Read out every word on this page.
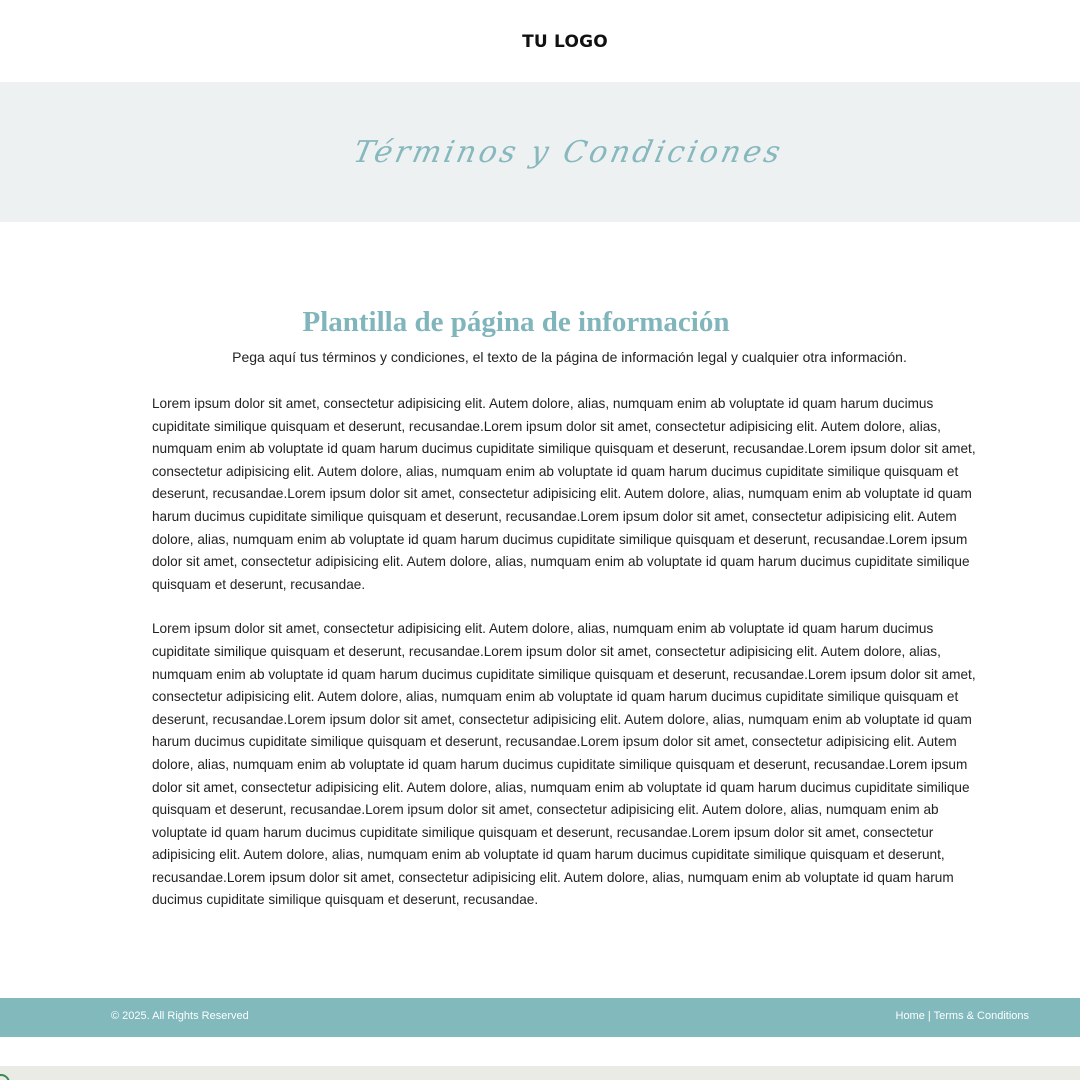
TU LOGO
Términos y Condiciones
Plantilla de página de información

Pega aquí tus términos y condiciones, el texto de la página de información legal y cualquier otra información.

Lorem ipsum dolor sit amet, consectetur adipisicing elit. Autem dolore, alias, numquam enim ab voluptate id quam harum ducimus cupiditate similique quisquam et deserunt, recusandae.Lorem ipsum dolor sit amet, consectetur adipisicing elit. Autem dolore, alias, numquam enim ab voluptate id quam harum ducimus cupiditate similique quisquam et deserunt, recusandae.Lorem ipsum dolor sit amet, consectetur adipisicing elit. Autem dolore, alias, numquam enim ab voluptate id quam harum ducimus cupiditate similique quisquam et deserunt, recusandae.Lorem ipsum dolor sit amet, consectetur adipisicing elit. Autem dolore, alias, numquam enim ab voluptate id quam harum ducimus cupiditate similique quisquam et deserunt, recusandae.Lorem ipsum dolor sit amet, consectetur adipisicing elit. Autem dolore, alias, numquam enim ab voluptate id quam harum ducimus cupiditate similique quisquam et deserunt, recusandae.Lorem ipsum dolor sit amet, consectetur adipisicing elit. Autem dolore, alias, numquam enim ab voluptate id quam harum ducimus cupiditate similique quisquam et deserunt, recusandae.

Lorem ipsum dolor sit amet, consectetur adipisicing elit. Autem dolore, alias, numquam enim ab voluptate id quam harum ducimus cupiditate similique quisquam et deserunt, recusandae.Lorem ipsum dolor sit amet, consectetur adipisicing elit. Autem dolore, alias, numquam enim ab voluptate id quam harum ducimus cupiditate similique quisquam et deserunt, recusandae.Lorem ipsum dolor sit amet, consectetur adipisicing elit. Autem dolore, alias, numquam enim ab voluptate id quam harum ducimus cupiditate similique quisquam et deserunt, recusandae.Lorem ipsum dolor sit amet, consectetur adipisicing elit. Autem dolore, alias, numquam enim ab voluptate id quam harum ducimus cupiditate similique quisquam et deserunt, recusandae.Lorem ipsum dolor sit amet, consectetur adipisicing elit. Autem dolore, alias, numquam enim ab voluptate id quam harum ducimus cupiditate similique quisquam et deserunt, recusandae.Lorem ipsum dolor sit amet, consectetur adipisicing elit. Autem dolore, alias, numquam enim ab voluptate id quam harum ducimus cupiditate similique quisquam et deserunt, recusandae.Lorem ipsum dolor sit amet, consectetur adipisicing elit. Autem dolore, alias, numquam enim ab voluptate id quam harum ducimus cupiditate similique quisquam et deserunt, recusandae.Lorem ipsum dolor sit amet, consectetur adipisicing elit. Autem dolore, alias, numquam enim ab voluptate id quam harum ducimus cupiditate similique quisquam et deserunt, recusandae.Lorem ipsum dolor sit amet, consectetur adipisicing elit. Autem dolore, alias, numquam enim ab voluptate id quam harum ducimus cupiditate similique quisquam et deserunt, recusandae.

© 2025. All Rights Reserved	Home | Terms & Conditions
